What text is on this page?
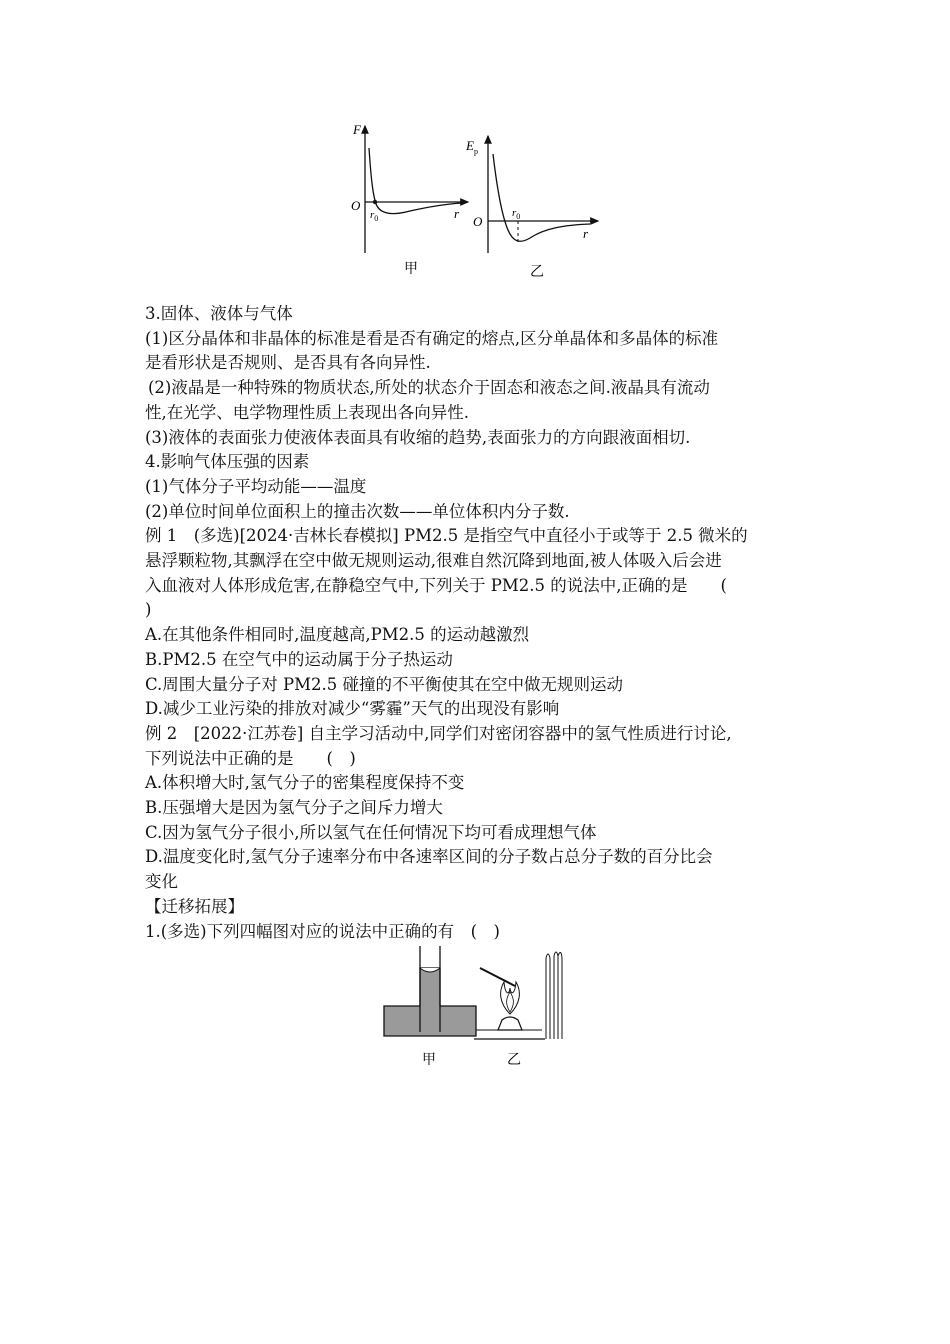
F
O
$r_0$	r
甲
$E_p$
O
$r_0$
r
乙
3.固体、液体与气体
(1)区分晶体和非晶体的标准是看是否有确定的熔点,区分单晶体和多晶体的标准
是看形状是否规则、是否具有各向异性.
(2)液晶是一种特殊的物质状态,所处的状态介于固态和液态之间.液晶具有流动
性,在光学、电学物理性质上表现出各向异性.
(3)液体的表面张力使液体表面具有收缩的趋势,表面张力的方向跟液面相切.
4.影响气体压强的因素
(1)气体分子平均动能——温度
(2)单位时间单位面积上的撞击次数——单位体积内分子数.
例 1　(多选)[2024·吉林长春模拟] PM2.5 是指空气中直径小于或等于 2.5 微米的
悬浮颗粒物,其飘浮在空中做无规则运动,很难自然沉降到地面,被人体吸入后会进
入血液对人体形成危害,在静稳空气中,下列关于 PM2.5 的说法中,正确的是　　(
)
A.在其他条件相同时,温度越高,PM2.5 的运动越激烈
B.PM2.5 在空气中的运动属于分子热运动
C.周围大量分子对 PM2.5 碰撞的不平衡使其在空中做无规则运动
D.减少工业污染的排放对减少“雾霾”天气的出现没有影响
例 2　[2022·江苏卷] 自主学习活动中,同学们对密闭容器中的氢气性质进行讨论,
下列说法中正确的是　　(　)
A.体积增大时,氢气分子的密集程度保持不变
B.压强增大是因为氢气分子之间斥力增大
C.因为氢气分子很小,所以氢气在任何情况下均可看成理想气体
D.温度变化时,氢气分子速率分布中各速率区间的分子数占总分子数的百分比会
变化
【迁移拓展】
1.(多选)下列四幅图对应的说法中正确的有　(　)
甲	乙
